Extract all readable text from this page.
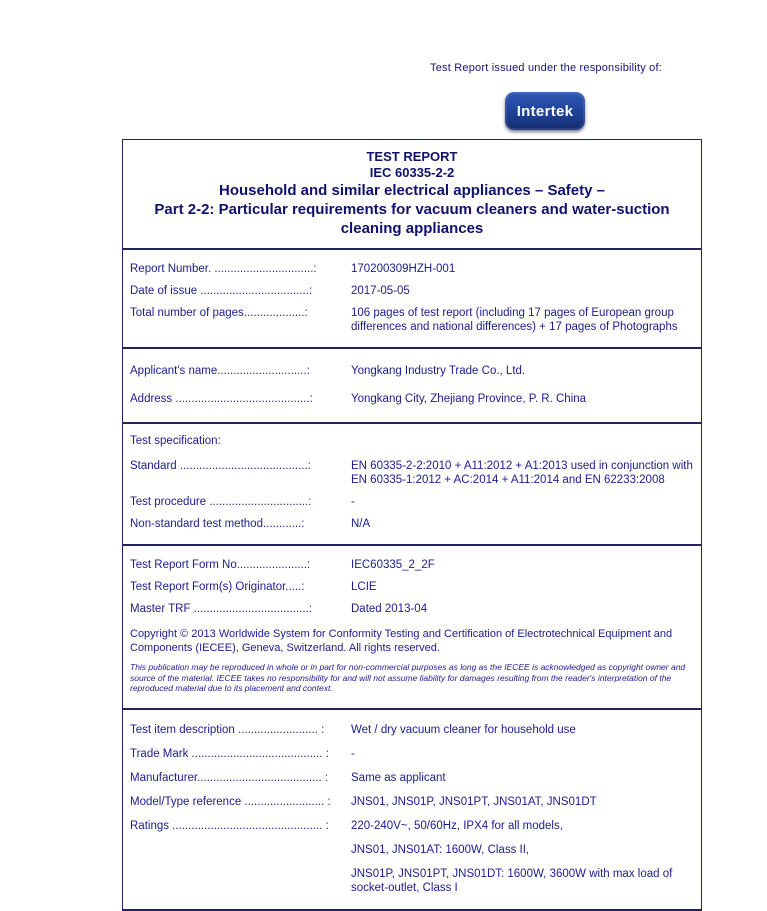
Test Report issued under the responsibility of:
Intertek
TEST REPORT
IEC 60335-2-2
Household and similar electrical appliances – Safety –
Part 2-2: Particular requirements for vacuum cleaners and water-suction cleaning appliances
Report Number. ...............................:	170200309HZH-001
Date of issue ..................................:	2017-05-05
Total number of pages...................:	106 pages of test report (including 17 pages of European group differences and national differences) + 17 pages of Photographs
Applicant's name............................:	Yongkang Industry Trade Co., Ltd.
Address ..........................................:	Yongkang City, Zhejiang Province, P. R. China
Test specification:
Standard ........................................:	EN 60335-2-2:2010 + A11:2012 + A1:2013 used in conjunction with EN 60335-1:2012 + AC:2014 + A11:2014 and EN 62233:2008
Test procedure ...............................:	-
Non-standard test method............:	N/A
Test Report Form No......................:	IEC60335_2_2F
Test Report Form(s) Originator.....:	LCIE
Master TRF ....................................:	Dated 2013-04
Copyright © 2013 Worldwide System for Conformity Testing and Certification of Electrotechnical Equipment and Components (IECEE), Geneva, Switzerland. All rights reserved.
This publication may be reproduced in whole or in part for non-commercial purposes as long as the IECEE is acknowledged as copyright owner and source of the material. IECEE takes no responsibility for and will not assume liability for damages resulting from the reader's interpretation of the reproduced material due to its placement and context.
Test item description ......................... :	Wet / dry vacuum cleaner for household use
Trade Mark ......................................... :	-
Manufacturer....................................... :	Same as applicant
Model/Type reference ......................... :	JNS01, JNS01P, JNS01PT, JNS01AT, JNS01DT
Ratings ............................................... :	220-240V~, 50/60Hz, IPX4 for all models,
JNS01, JNS01AT: 1600W, Class II,
JNS01P, JNS01PT, JNS01DT: 1600W, 3600W with max load of socket-outlet, Class I
